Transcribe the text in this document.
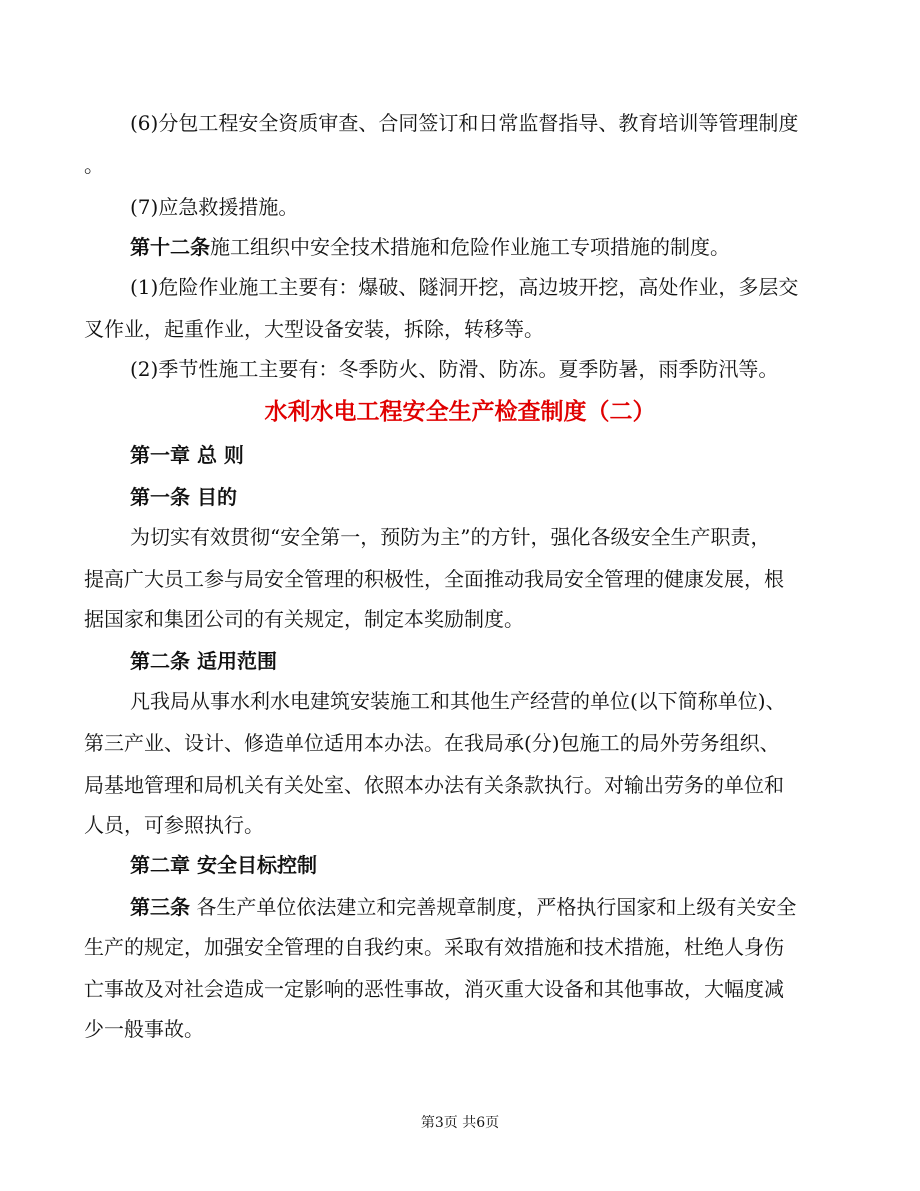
(6)分包工程安全资质审查、合同签订和日常监督指导、教育培训等管理制度
。
(7)应急救援措施。
第十二条施工组织中安全技术措施和危险作业施工专项措施的制度。
(1)危险作业施工主要有：爆破、隧洞开挖，高边坡开挖，高处作业，多层交
叉作业，起重作业，大型设备安装，拆除，转移等。
(2)季节性施工主要有：冬季防火、防滑、防冻。夏季防暑，雨季防汛等。
水利水电工程安全生产检查制度（二）
第一章 总 则
第一条 目的
为切实有效贯彻“安全第一，预防为主”的方针，强化各级安全生产职责，
提高广大员工参与局安全管理的积极性，全面推动我局安全管理的健康发展，根
据国家和集团公司的有关规定，制定本奖励制度。
第二条 适用范围
凡我局从事水利水电建筑安装施工和其他生产经营的单位(以下简称单位)、
第三产业、设计、修造单位适用本办法。在我局承(分)包施工的局外劳务组织、
局基地管理和局机关有关处室、依照本办法有关条款执行。对输出劳务的单位和
人员，可参照执行。
第二章 安全目标控制
第三条 各生产单位依法建立和完善规章制度，严格执行国家和上级有关安全
生产的规定，加强安全管理的自我约束。采取有效措施和技术措施，杜绝人身伤
亡事故及对社会造成一定影响的恶性事故，消灭重大设备和其他事故，大幅度减
少一般事故。
第3页 共6页
